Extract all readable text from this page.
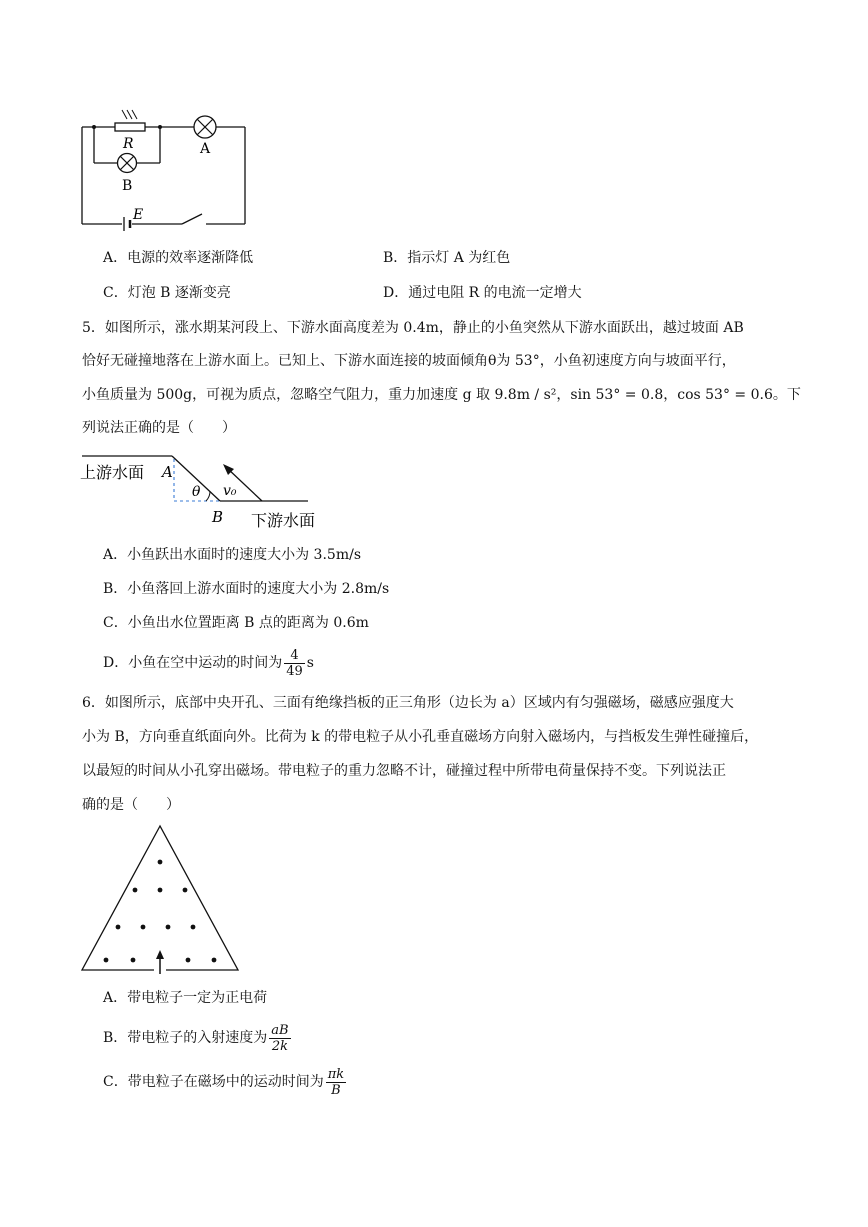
R	A
B
E
A．电源的效率逐渐降低	B．指示灯 A 为红色
C．灯泡 B 逐渐变亮	D．通过电阻 R 的电流一定增大
5．如图所示，涨水期某河段上、下游水面高度差为 0.4m，静止的小鱼突然从下游水面跃出，越过坡面 AB
恰好无碰撞地落在上游水面上。已知上、下游水面连接的坡面倾角θ为 53°，小鱼初速度方向与坡面平行，
小鱼质量为 500g，可视为质点，忽略空气阻力，重力加速度 g 取 9.8m / s²，sin 53° = 0.8，cos 53° = 0.6。下
列说法正确的是（　　）
上游水面
下游水面
A
B
θ v₀
A．小鱼跃出水面时的速度大小为 3.5m/s
B．小鱼落回上游水面时的速度大小为 2.8m/s
C．小鱼出水位置距离 B 点的距离为 0.6m
D．小鱼在空中运动的时间为 $\frac{4}{49}$ s
6．如图所示，底部中央开孔、三面有绝缘挡板的正三角形（边长为 a）区域内有匀强磁场，磁感应强度大
小为 B，方向垂直纸面向外。比荷为 k 的带电粒子从小孔垂直磁场方向射入磁场内，与挡板发生弹性碰撞后，
以最短的时间从小孔穿出磁场。带电粒子的重力忽略不计，碰撞过程中所带电荷量保持不变。下列说法正
确的是（　　）
A．带电粒子一定为正电荷
B．带电粒子的入射速度为 $\frac{aB}{2k}$
C．带电粒子在磁场中的运动时间为 $\frac{\pi k}{B}$
